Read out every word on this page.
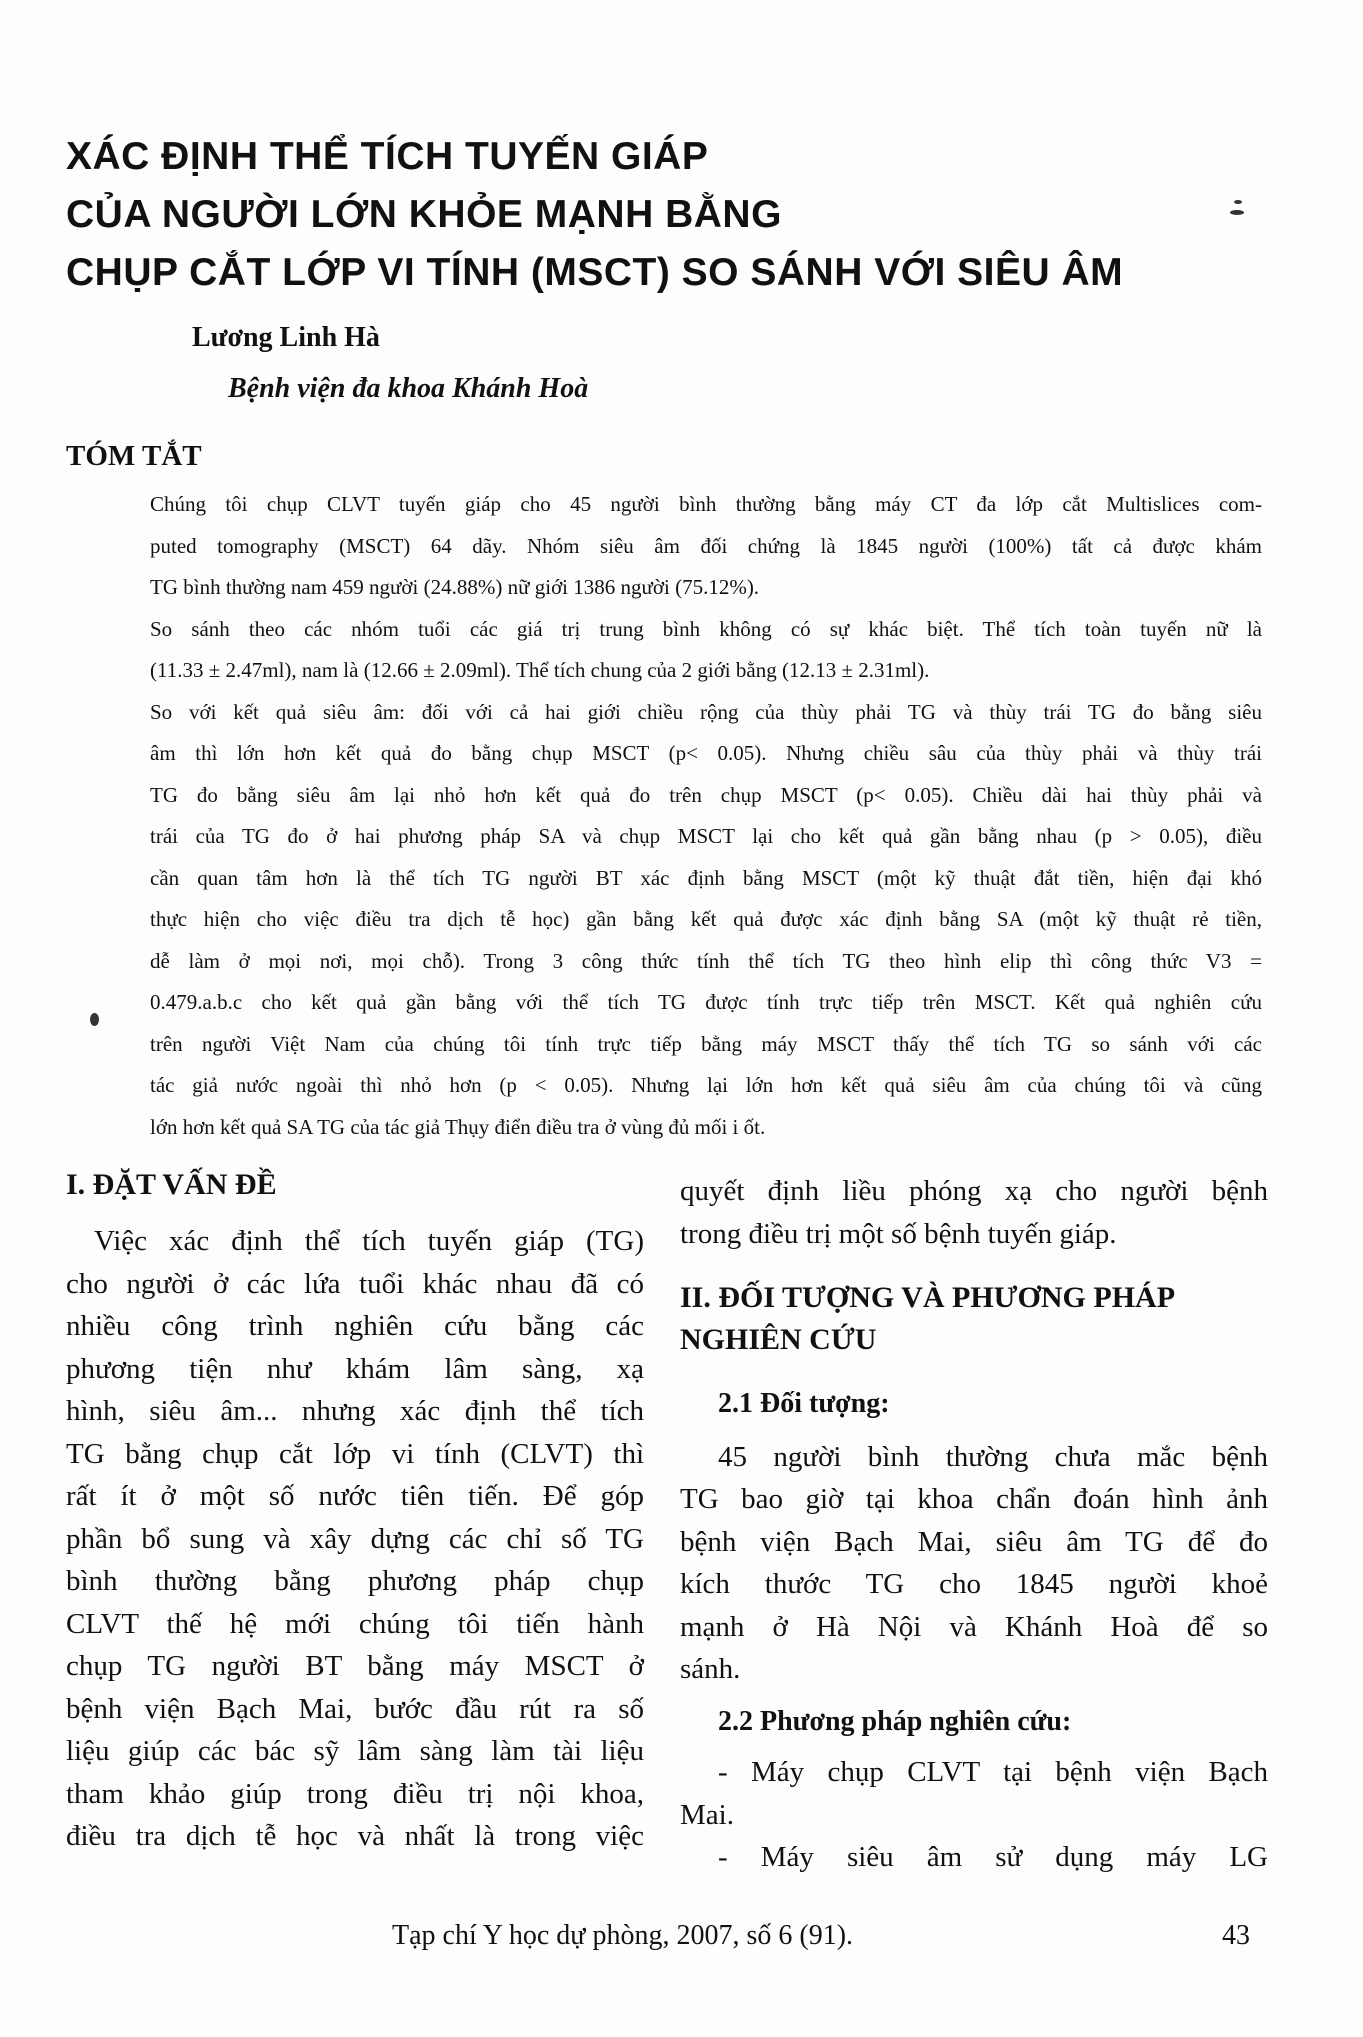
XÁC ĐỊNH THỂ TÍCH TUYẾN GIÁP
CỦA NGƯỜI LỚN KHỎE MẠNH BẰNG
CHỤP CẮT LỚP VI TÍNH (MSCT) SO SÁNH VỚI SIÊU ÂM
Lương Linh Hà
Bệnh viện đa khoa Khánh Hoà
TÓM TẮT
Chúng tôi chụp CLVT tuyến giáp cho 45 người bình thường bằng máy CT đa lớp cắt Multislices com-
puted tomography (MSCT) 64 dãy. Nhóm siêu âm đối chứng là 1845 người (100%) tất cả được khám
TG bình thường nam 459 người (24.88%) nữ giới 1386 người (75.12%).
So sánh theo các nhóm tuổi các giá trị trung bình không có sự khác biệt. Thể tích toàn tuyến nữ là
(11.33 ± 2.47ml), nam là (12.66 ± 2.09ml). Thể tích chung của 2 giới bằng (12.13 ± 2.31ml).
So với kết quả siêu âm: đối với cả hai giới chiều rộng của thùy phải TG và thùy trái TG đo bằng siêu
âm thì lớn hơn kết quả đo bằng chụp MSCT (p< 0.05). Nhưng chiều sâu của thùy phải và thùy trái
TG đo bằng siêu âm lại nhỏ hơn kết quả đo trên chụp MSCT (p< 0.05). Chiều dài hai thùy phải và
trái của TG đo ở hai phương pháp SA và chụp MSCT lại cho kết quả gần bằng nhau (p > 0.05), điều
cần quan tâm hơn là thể tích TG người BT xác định bằng MSCT (một kỹ thuật đắt tiền, hiện đại khó
thực hiện cho việc điều tra dịch tễ học) gần bằng kết quả được xác định bằng SA (một kỹ thuật rẻ tiền,
dễ làm ở mọi nơi, mọi chỗ). Trong 3 công thức tính thể tích TG theo hình elip thì công thức V3 =
0.479.a.b.c cho kết quả gần bằng với thể tích TG được tính trực tiếp trên MSCT. Kết quả nghiên cứu
trên người Việt Nam của chúng tôi tính trực tiếp bằng máy MSCT thấy thể tích TG so sánh với các
tác giả nước ngoài thì nhỏ hơn (p < 0.05). Nhưng lại lớn hơn kết quả siêu âm của chúng tôi và cũng
lớn hơn kết quả SA TG của tác giả Thụy điển điều tra ở vùng đủ mối i ốt.
I. ĐẶT VẤN ĐỀ
Việc xác định thể tích tuyến giáp (TG)
cho người ở các lứa tuổi khác nhau đã có
nhiều công trình nghiên cứu bằng các
phương tiện như khám lâm sàng, xạ
hình, siêu âm... nhưng xác định thể tích
TG bằng chụp cắt lớp vi tính (CLVT) thì
rất ít ở một số nước tiên tiến. Để góp
phần bổ sung và xây dựng các chỉ số TG
bình thường bằng phương pháp chụp
CLVT thế hệ mới chúng tôi tiến hành
chụp TG người BT bằng máy MSCT ở
bệnh viện Bạch Mai, bước đầu rút ra số
liệu giúp các bác sỹ lâm sàng làm tài liệu
tham khảo giúp trong điều trị nội khoa,
điều tra dịch tễ học và nhất là trong việc
quyết định liều phóng xạ cho người bệnh
trong điều trị một số bệnh tuyến giáp.
II. ĐỐI TƯỢNG VÀ PHƯƠNG PHÁP
NGHIÊN CỨU
2.1 Đối tượng:
45 người bình thường chưa mắc bệnh
TG bao giờ tại khoa chẩn đoán hình ảnh
bệnh viện Bạch Mai, siêu âm TG để đo
kích thước TG cho 1845 người khoẻ
mạnh ở Hà Nội và Khánh Hoà để so
sánh.
2.2 Phương pháp nghiên cứu:
- Máy chụp CLVT tại bệnh viện Bạch
Mai.
- Máy siêu âm sử dụng máy LG
Tạp chí Y học dự phòng, 2007, số 6 (91).	43
